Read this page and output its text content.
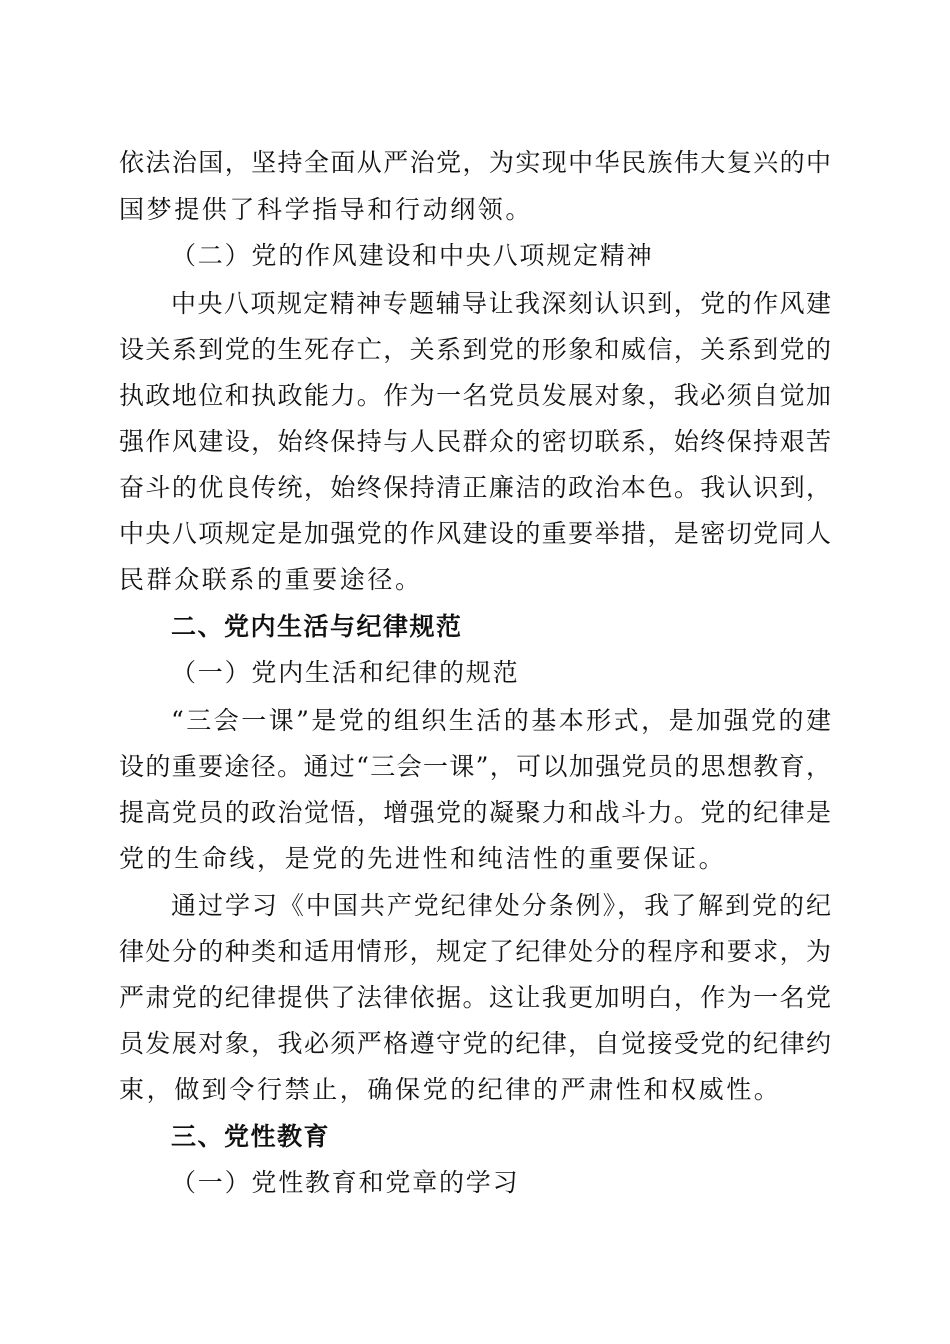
依法治国，坚持全面从严治党，为实现中华民族伟大复兴的中
国梦提供了科学指导和行动纲领。
（二）党的作风建设和中央八项规定精神
中央八项规定精神专题辅导让我深刻认识到，党的作风建
设关系到党的生死存亡，关系到党的形象和威信，关系到党的
执政地位和执政能力。作为一名党员发展对象，我必须自觉加
强作风建设，始终保持与人民群众的密切联系，始终保持艰苦
奋斗的优良传统，始终保持清正廉洁的政治本色。我认识到，
中央八项规定是加强党的作风建设的重要举措，是密切党同人
民群众联系的重要途径。
二、党内生活与纪律规范
（一）党内生活和纪律的规范
“三会一课”是党的组织生活的基本形式，是加强党的建
设的重要途径。通过“三会一课”，可以加强党员的思想教育，
提高党员的政治觉悟，增强党的凝聚力和战斗力。党的纪律是
党的生命线，是党的先进性和纯洁性的重要保证。
通过学习《中国共产党纪律处分条例》，我了解到党的纪
律处分的种类和适用情形，规定了纪律处分的程序和要求，为
严肃党的纪律提供了法律依据。这让我更加明白，作为一名党
员发展对象，我必须严格遵守党的纪律，自觉接受党的纪律约
束，做到令行禁止，确保党的纪律的严肃性和权威性。
三、党性教育
（一）党性教育和党章的学习
